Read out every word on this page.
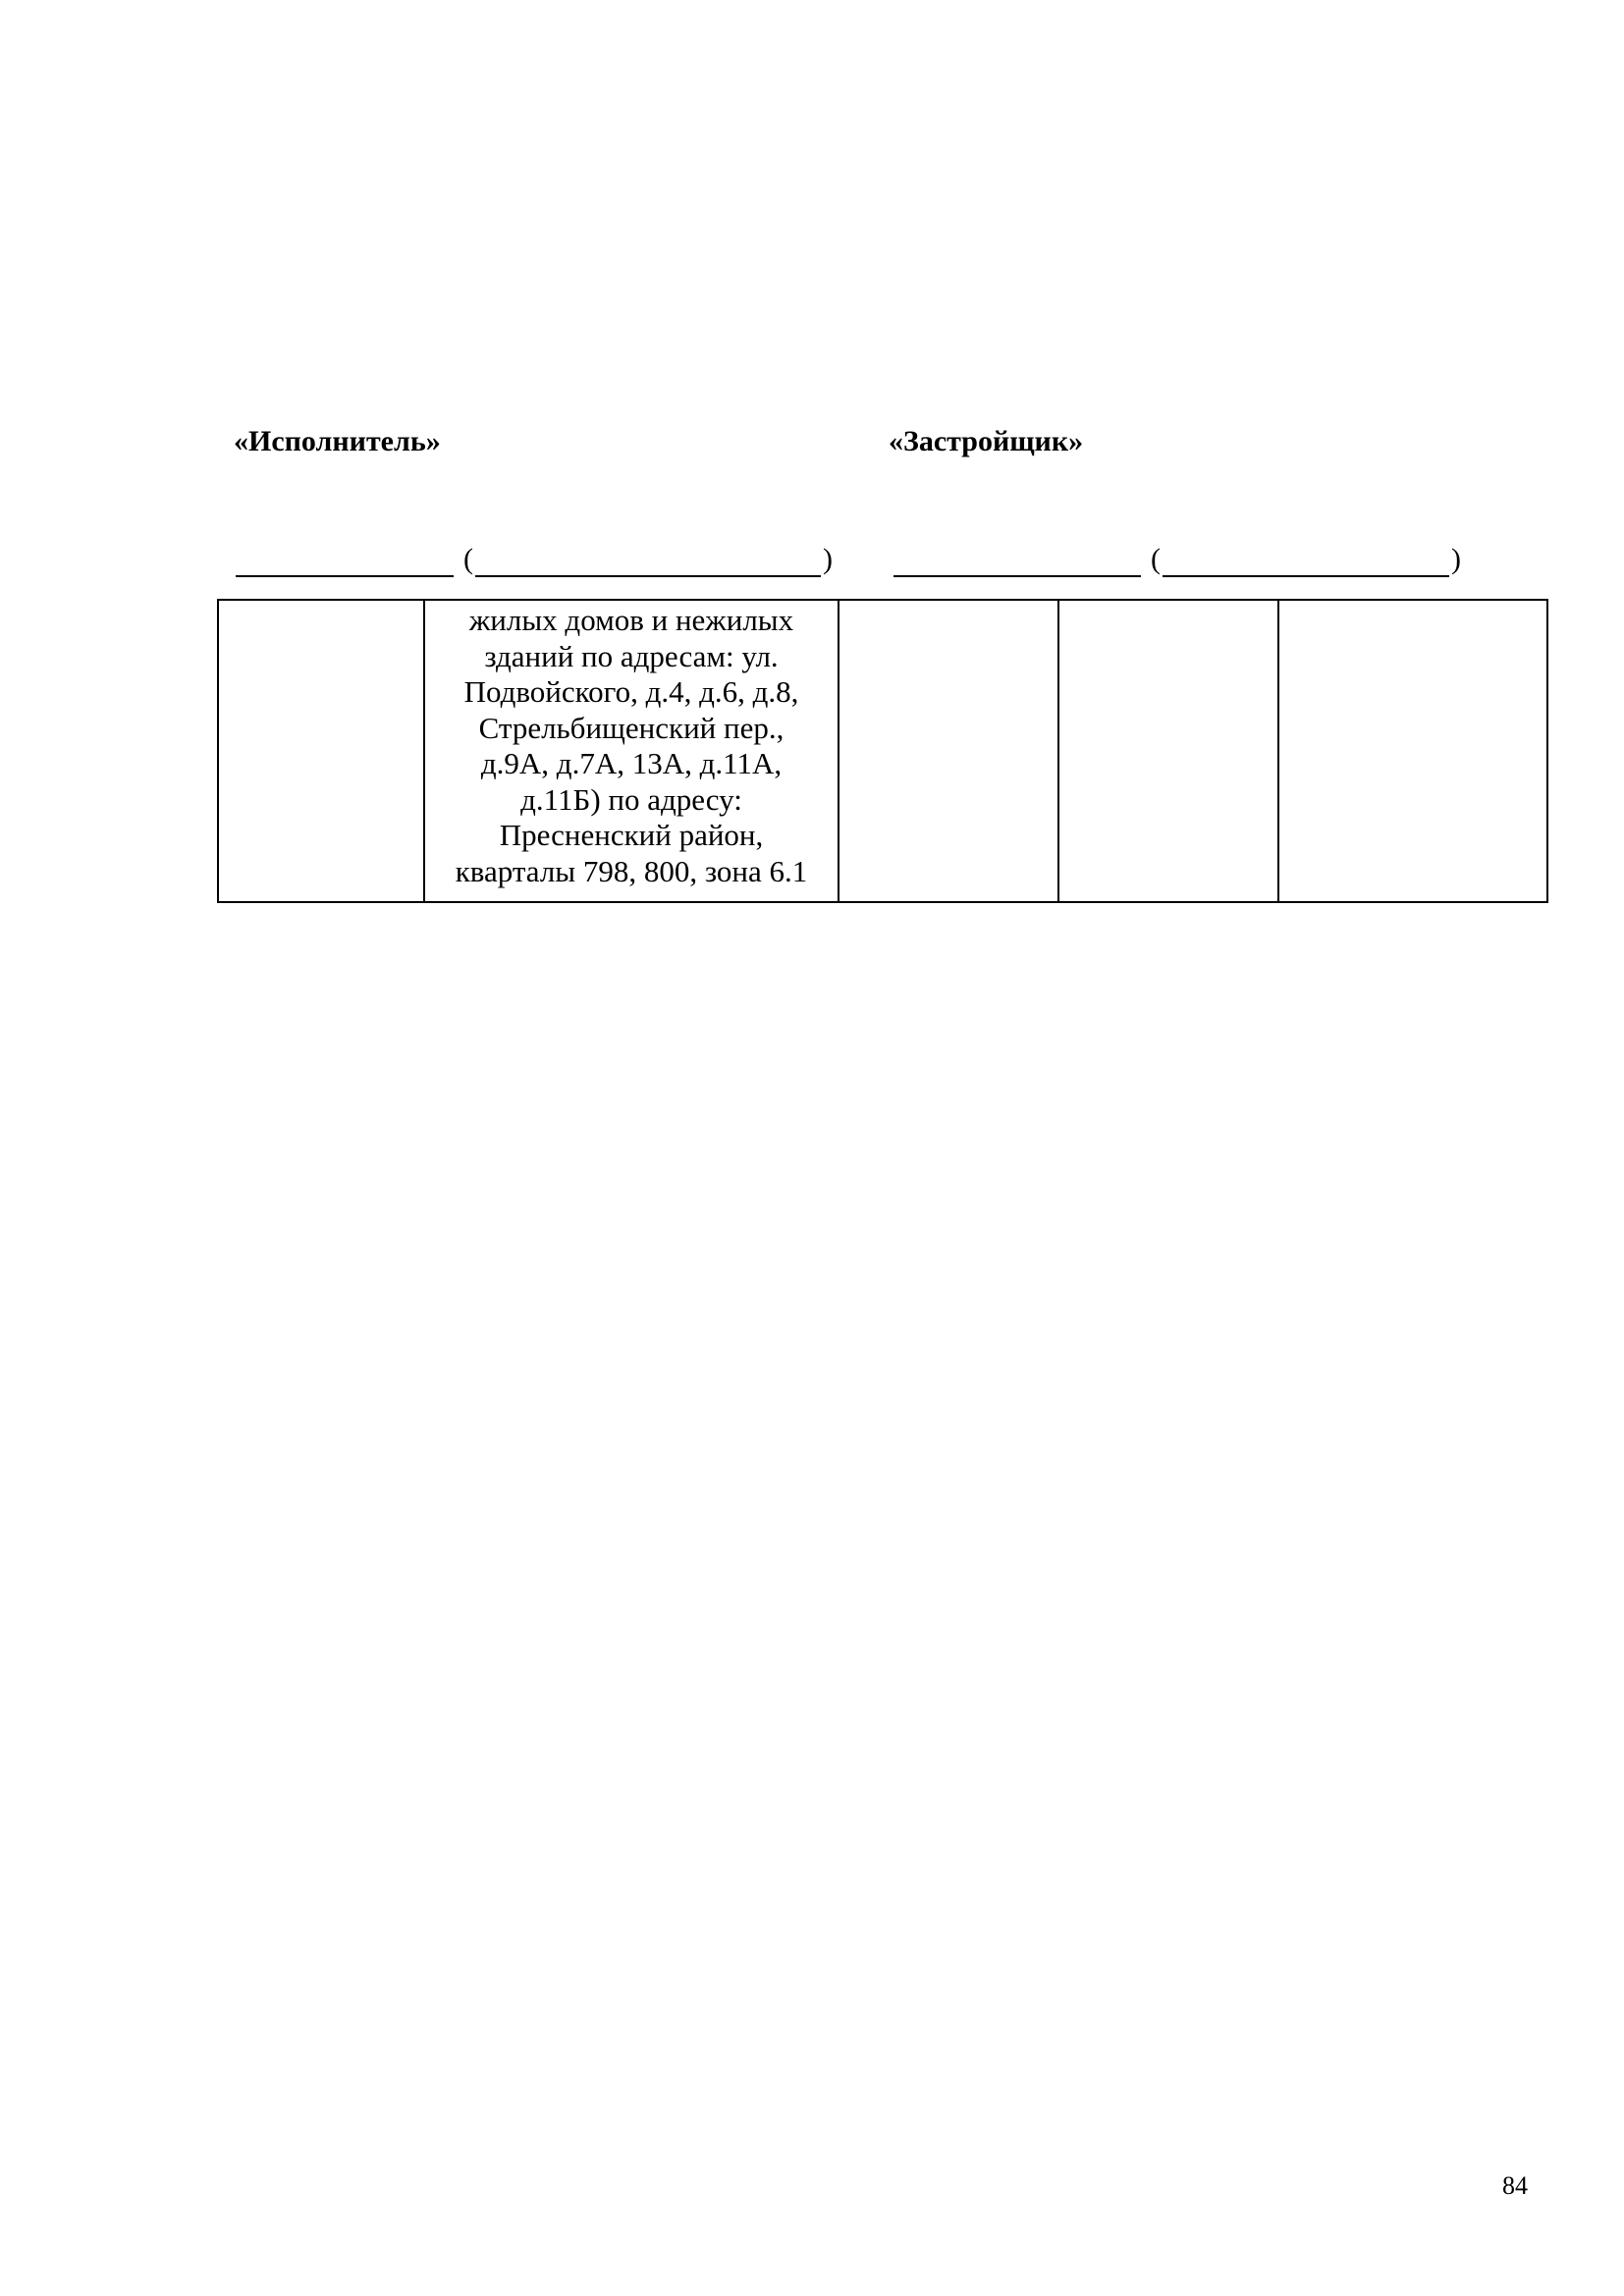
«Исполнитель»	«Застройщик»
(	)	(	)

жилых домов и нежилых
зданий по адресам: ул.
Подвойского, д.4, д.6, д.8,
Стрельбищенский пер.,
д.9А, д.7А, 13А, д.11А,
д.11Б) по адресу:
Пресненский район,
кварталы 798, 800, зона 6.1

84
